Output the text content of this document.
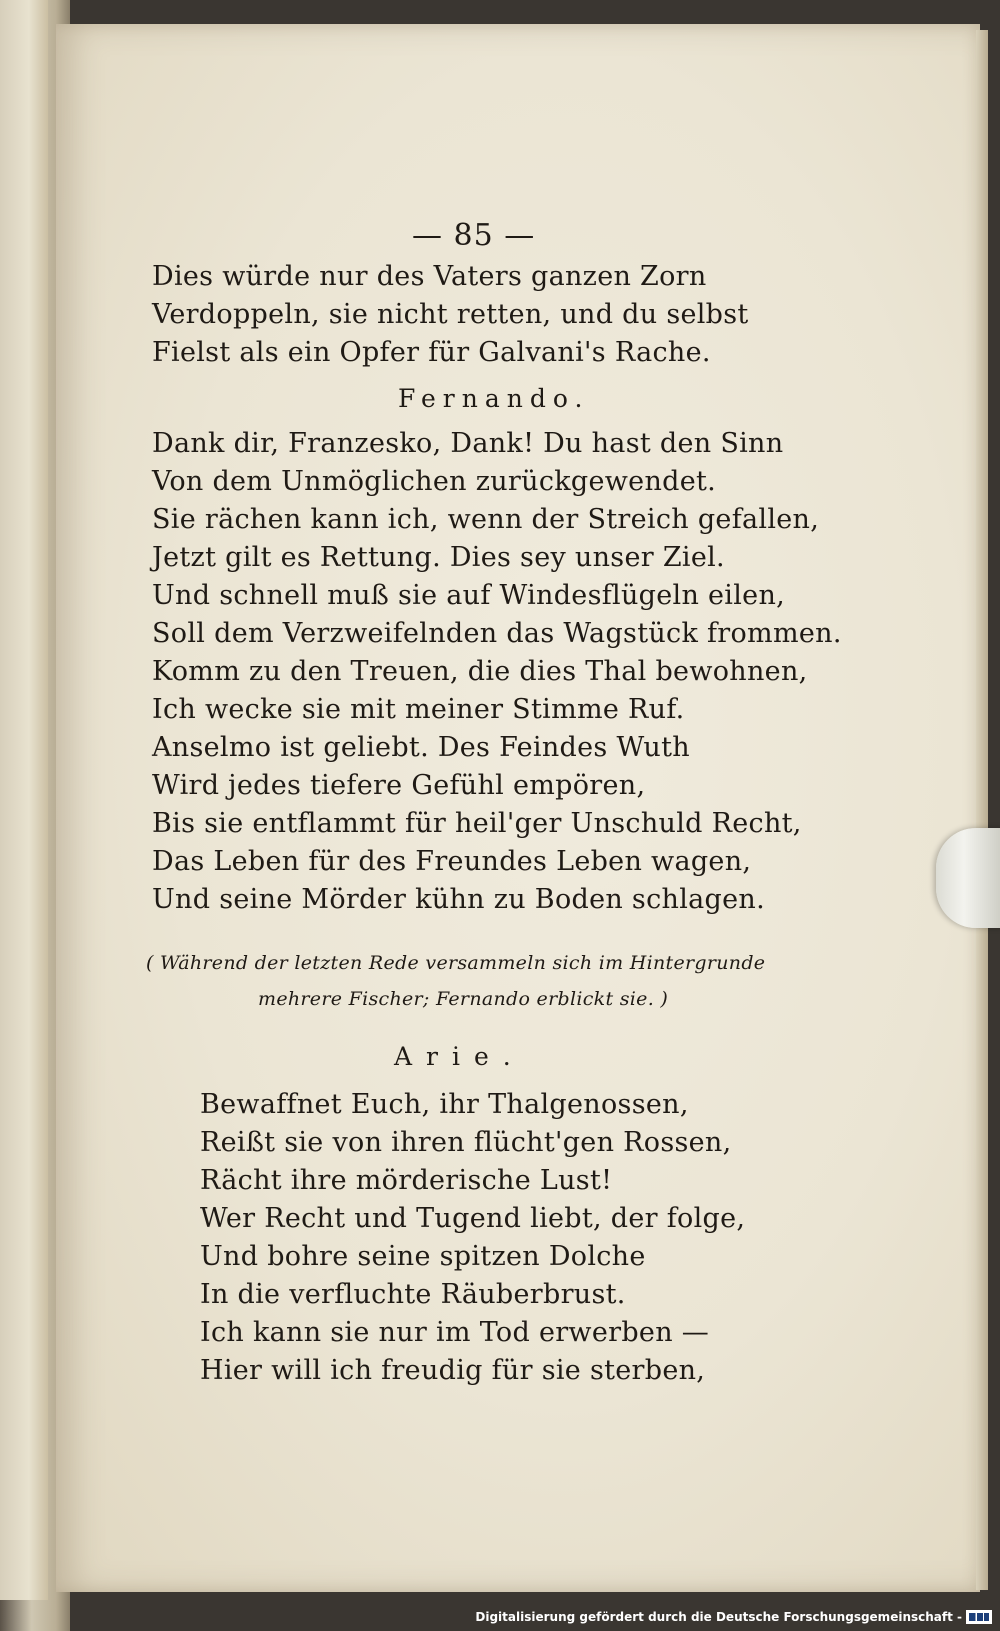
— 85 —
Dies würde nur des Vaters ganzen Zorn
Verdoppeln, sie nicht retten, und du selbst
Fielst als ein Opfer für Galvani's Rache.
Fernando.
Dank dir, Franzesko, Dank! Du hast den Sinn
Von dem Unmöglichen zurückgewendet.
Sie rächen kann ich, wenn der Streich gefallen,
Jetzt gilt es Rettung. Dies sey unser Ziel.
Und schnell muß sie auf Windesflügeln eilen,
Soll dem Verzweifelnden das Wagstück frommen.
Komm zu den Treuen, die dies Thal bewohnen,
Ich wecke sie mit meiner Stimme Ruf.
Anselmo ist geliebt. Des Feindes Wuth
Wird jedes tiefere Gefühl empören,
Bis sie entflammt für heil'ger Unschuld Recht,
Das Leben für des Freundes Leben wagen,
Und seine Mörder kühn zu Boden schlagen.
( Während der letzten Rede versammeln sich im Hintergrunde
mehrere Fischer; Fernando erblickt sie. )
Arie.
Bewaffnet Euch, ihr Thalgenossen,
Reißt sie von ihren flücht'gen Rossen,
Rächt ihre mörderische Lust!
Wer Recht und Tugend liebt, der folge,
Und bohre seine spitzen Dolche
In die verfluchte Räuberbrust.
Ich kann sie nur im Tod erwerben —
Hier will ich freudig für sie sterben,
Digitalisierung gefördert durch die Deutsche Forschungsgemeinschaft -
